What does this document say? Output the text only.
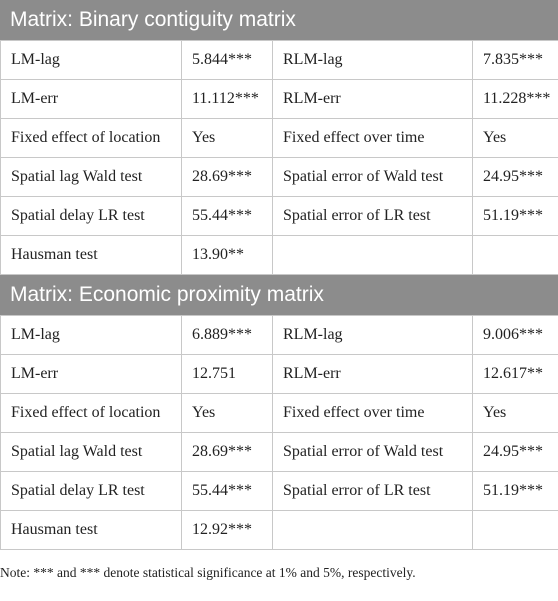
Matrix: Binary contiguity matrix
LM-lag	5.844***	RLM-lag	7.835***
LM-err	11.112***	RLM-err	11.228***
Fixed effect of location	Yes	Fixed effect over time	Yes
Spatial lag Wald test	28.69***	Spatial error of Wald test	24.95***
Spatial delay LR test	55.44***	Spatial error of LR test	51.19***
Hausman test	13.90**		
Matrix: Economic proximity matrix
LM-lag	6.889***	RLM-lag	9.006***
LM-err	12.751	RLM-err	12.617**
Fixed effect of location	Yes	Fixed effect over time	Yes
Spatial lag Wald test	28.69***	Spatial error of Wald test	24.95***
Spatial delay LR test	55.44***	Spatial error of LR test	51.19***
Hausman test	12.92***		
Note: *** and *** denote statistical significance at 1% and 5%, respectively.
